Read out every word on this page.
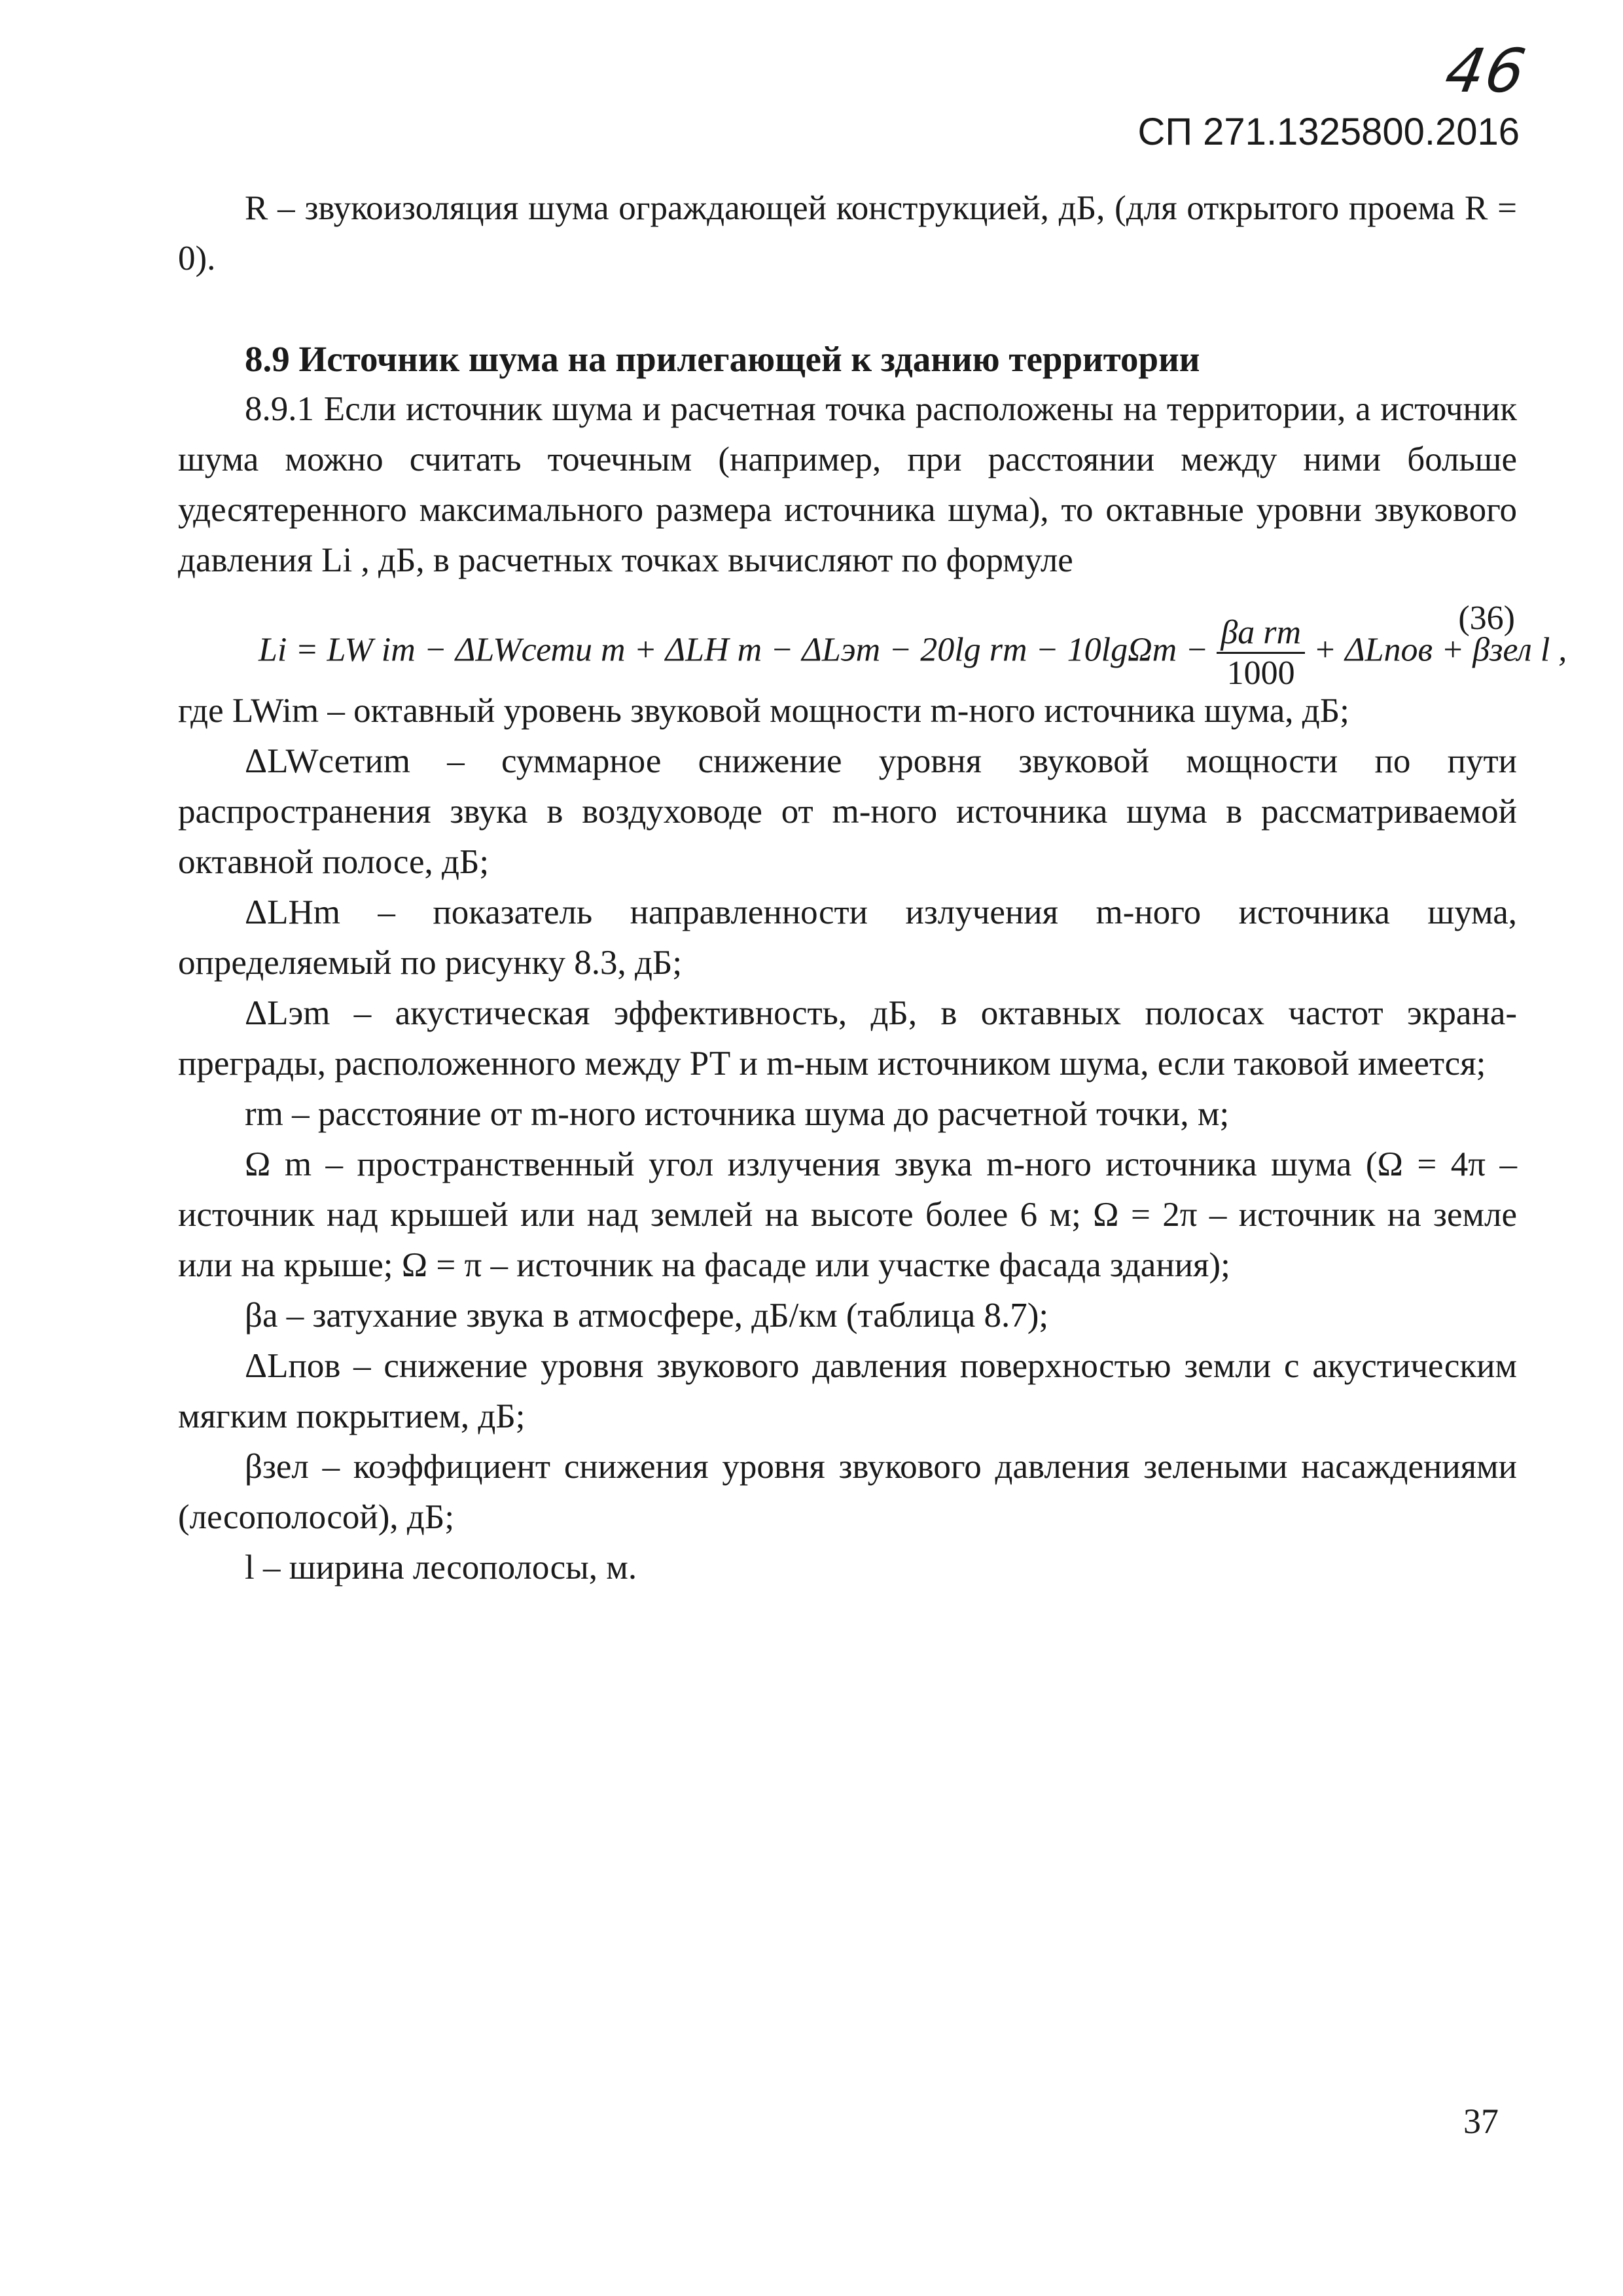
46
СП 271.1325800.2016

R – звукоизоляция шума ограждающей конструкцией, дБ, (для открытого проема R = 0).

8.9 Источник шума на прилегающей к зданию территории

8.9.1 Если источник шума и расчетная точка расположены на территории, а источник шума можно считать точечным (например, при расстоянии между ними больше удесятеренного максимального размера источника шума), то октавные уровни звукового давления Li , дБ, в расчетных точках вычисляют по формуле

Li = LW im − ΔLWсети m + ΔLН m − ΔLэm − 20lg rm − $10\lg\Omega m - \frac{\text{βа rm}}{1000}$ + ΔLпов + βзел l ,
(36)

где LWim – октавный уровень звуковой мощности m-ного источника шума, дБ;

ΔLWсетиm – суммарное снижение уровня звуковой мощности по пути распространения звука в воздуховоде от m-ного источника шума в рассматриваемой октавной полосе, дБ;

ΔLНm – показатель направленности излучения m-ного источника шума, определяемый по рисунку 8.3, дБ;

ΔLэm – акустическая эффективность, дБ, в октавных полосах частот экрана-преграды, расположенного между РТ и m-ным источником шума, если таковой имеется;

rm – расстояние от m-ного источника шума до расчетной точки, м;

Ω m – пространственный угол излучения звука m-ного источника шума (Ω = 4π – источник над крышей или над землей на высоте более 6 м; Ω = 2π – источник на земле или на крыше; Ω = π – источник на фасаде или участке фасада здания);

βа – затухание звука в атмосфере, дБ/км (таблица 8.7);

ΔLпов – снижение уровня звукового давления поверхностью земли с акустическим мягким покрытием, дБ;

βзел – коэффициент снижения уровня звукового давления зелеными насаждениями (лесополосой), дБ;

l – ширина лесополосы, м.

37
